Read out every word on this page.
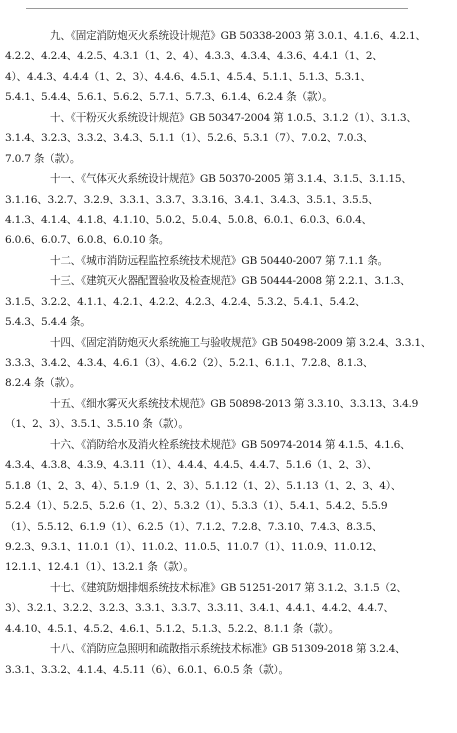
九、《固定消防炮灭火系统设计规范》GB 50338-2003 第 3.0.1、4.1.6、4.2.1、
4.2.2、4.2.4、4.2.5、4.3.1（1、2、4）、4.3.3、4.3.4、4.3.6、4.4.1（1、2、
4）、4.4.3、4.4.4（1、2、3）、4.4.6、4.5.1、4.5.4、5.1.1、5.1.3、5.3.1、
5.4.1、5.4.4、5.6.1、5.6.2、5.7.1、5.7.3、6.1.4、6.2.4 条（款）。
十、《干粉灭火系统设计规范》GB 50347-2004 第 1.0.5、3.1.2（1）、3.1.3、
3.1.4、3.2.3、3.3.2、3.4.3、5.1.1（1）、5.2.6、5.3.1（7）、7.0.2、7.0.3、
7.0.7 条（款）。
十一、《气体灭火系统设计规范》GB 50370-2005 第 3.1.4、3.1.5、3.1.15、
3.1.16、3.2.7、3.2.9、3.3.1、3.3.7、3.3.16、3.4.1、3.4.3、3.5.1、3.5.5、
4.1.3、4.1.4、4.1.8、4.1.10、5.0.2、5.0.4、5.0.8、6.0.1、6.0.3、6.0.4、
6.0.6、6.0.7、6.0.8、6.0.10 条。
十二、《城市消防远程监控系统技术规范》GB 50440-2007 第 7.1.1 条。
十三、《建筑灭火器配置验收及检查规范》GB 50444-2008 第 2.2.1、3.1.3、
3.1.5、3.2.2、4.1.1、4.2.1、4.2.2、4.2.3、4.2.4、5.3.2、5.4.1、5.4.2、
5.4.3、5.4.4 条。
十四、《固定消防炮灭火系统施工与验收规范》GB 50498-2009 第 3.2.4、3.3.1、
3.3.3、3.4.2、4.3.4、4.6.1（3）、4.6.2（2）、5.2.1、6.1.1、7.2.8、8.1.3、
8.2.4 条（款）。
十五、《细水雾灭火系统技术规范》GB 50898-2013 第 3.3.10、3.3.13、3.4.9
（1、2、3）、3.5.1、3.5.10 条（款）。
十六、《消防给水及消火栓系统技术规范》GB 50974-2014 第 4.1.5、4.1.6、
4.3.4、4.3.8、4.3.9、4.3.11（1）、4.4.4、4.4.5、4.4.7、5.1.6（1、2、3）、
5.1.8（1、2、3、4）、5.1.9（1、2、3）、5.1.12（1、2）、5.1.13（1、2、3、4）、
5.2.4（1）、5.2.5、5.2.6（1、2）、5.3.2（1）、5.3.3（1）、5.4.1、5.4.2、5.5.9
（1）、5.5.12、6.1.9（1）、6.2.5（1）、7.1.2、7.2.8、7.3.10、7.4.3、8.3.5、
9.2.3、9.3.1、11.0.1（1）、11.0.2、11.0.5、11.0.7（1）、11.0.9、11.0.12、
12.1.1、12.4.1（1）、13.2.1 条（款）。
十七、《建筑防烟排烟系统技术标准》GB 51251-2017 第 3.1.2、3.1.5（2、
3）、3.2.1、3.2.2、3.2.3、3.3.1、3.3.7、3.3.11、3.4.1、4.4.1、4.4.2、4.4.7、
4.4.10、4.5.1、4.5.2、4.6.1、5.1.2、5.1.3、5.2.2、8.1.1 条（款）。
十八、《消防应急照明和疏散指示系统技术标准》GB 51309-2018 第 3.2.4、
3.3.1、3.3.2、4.1.4、4.5.11（6）、6.0.1、6.0.5 条（款）。
